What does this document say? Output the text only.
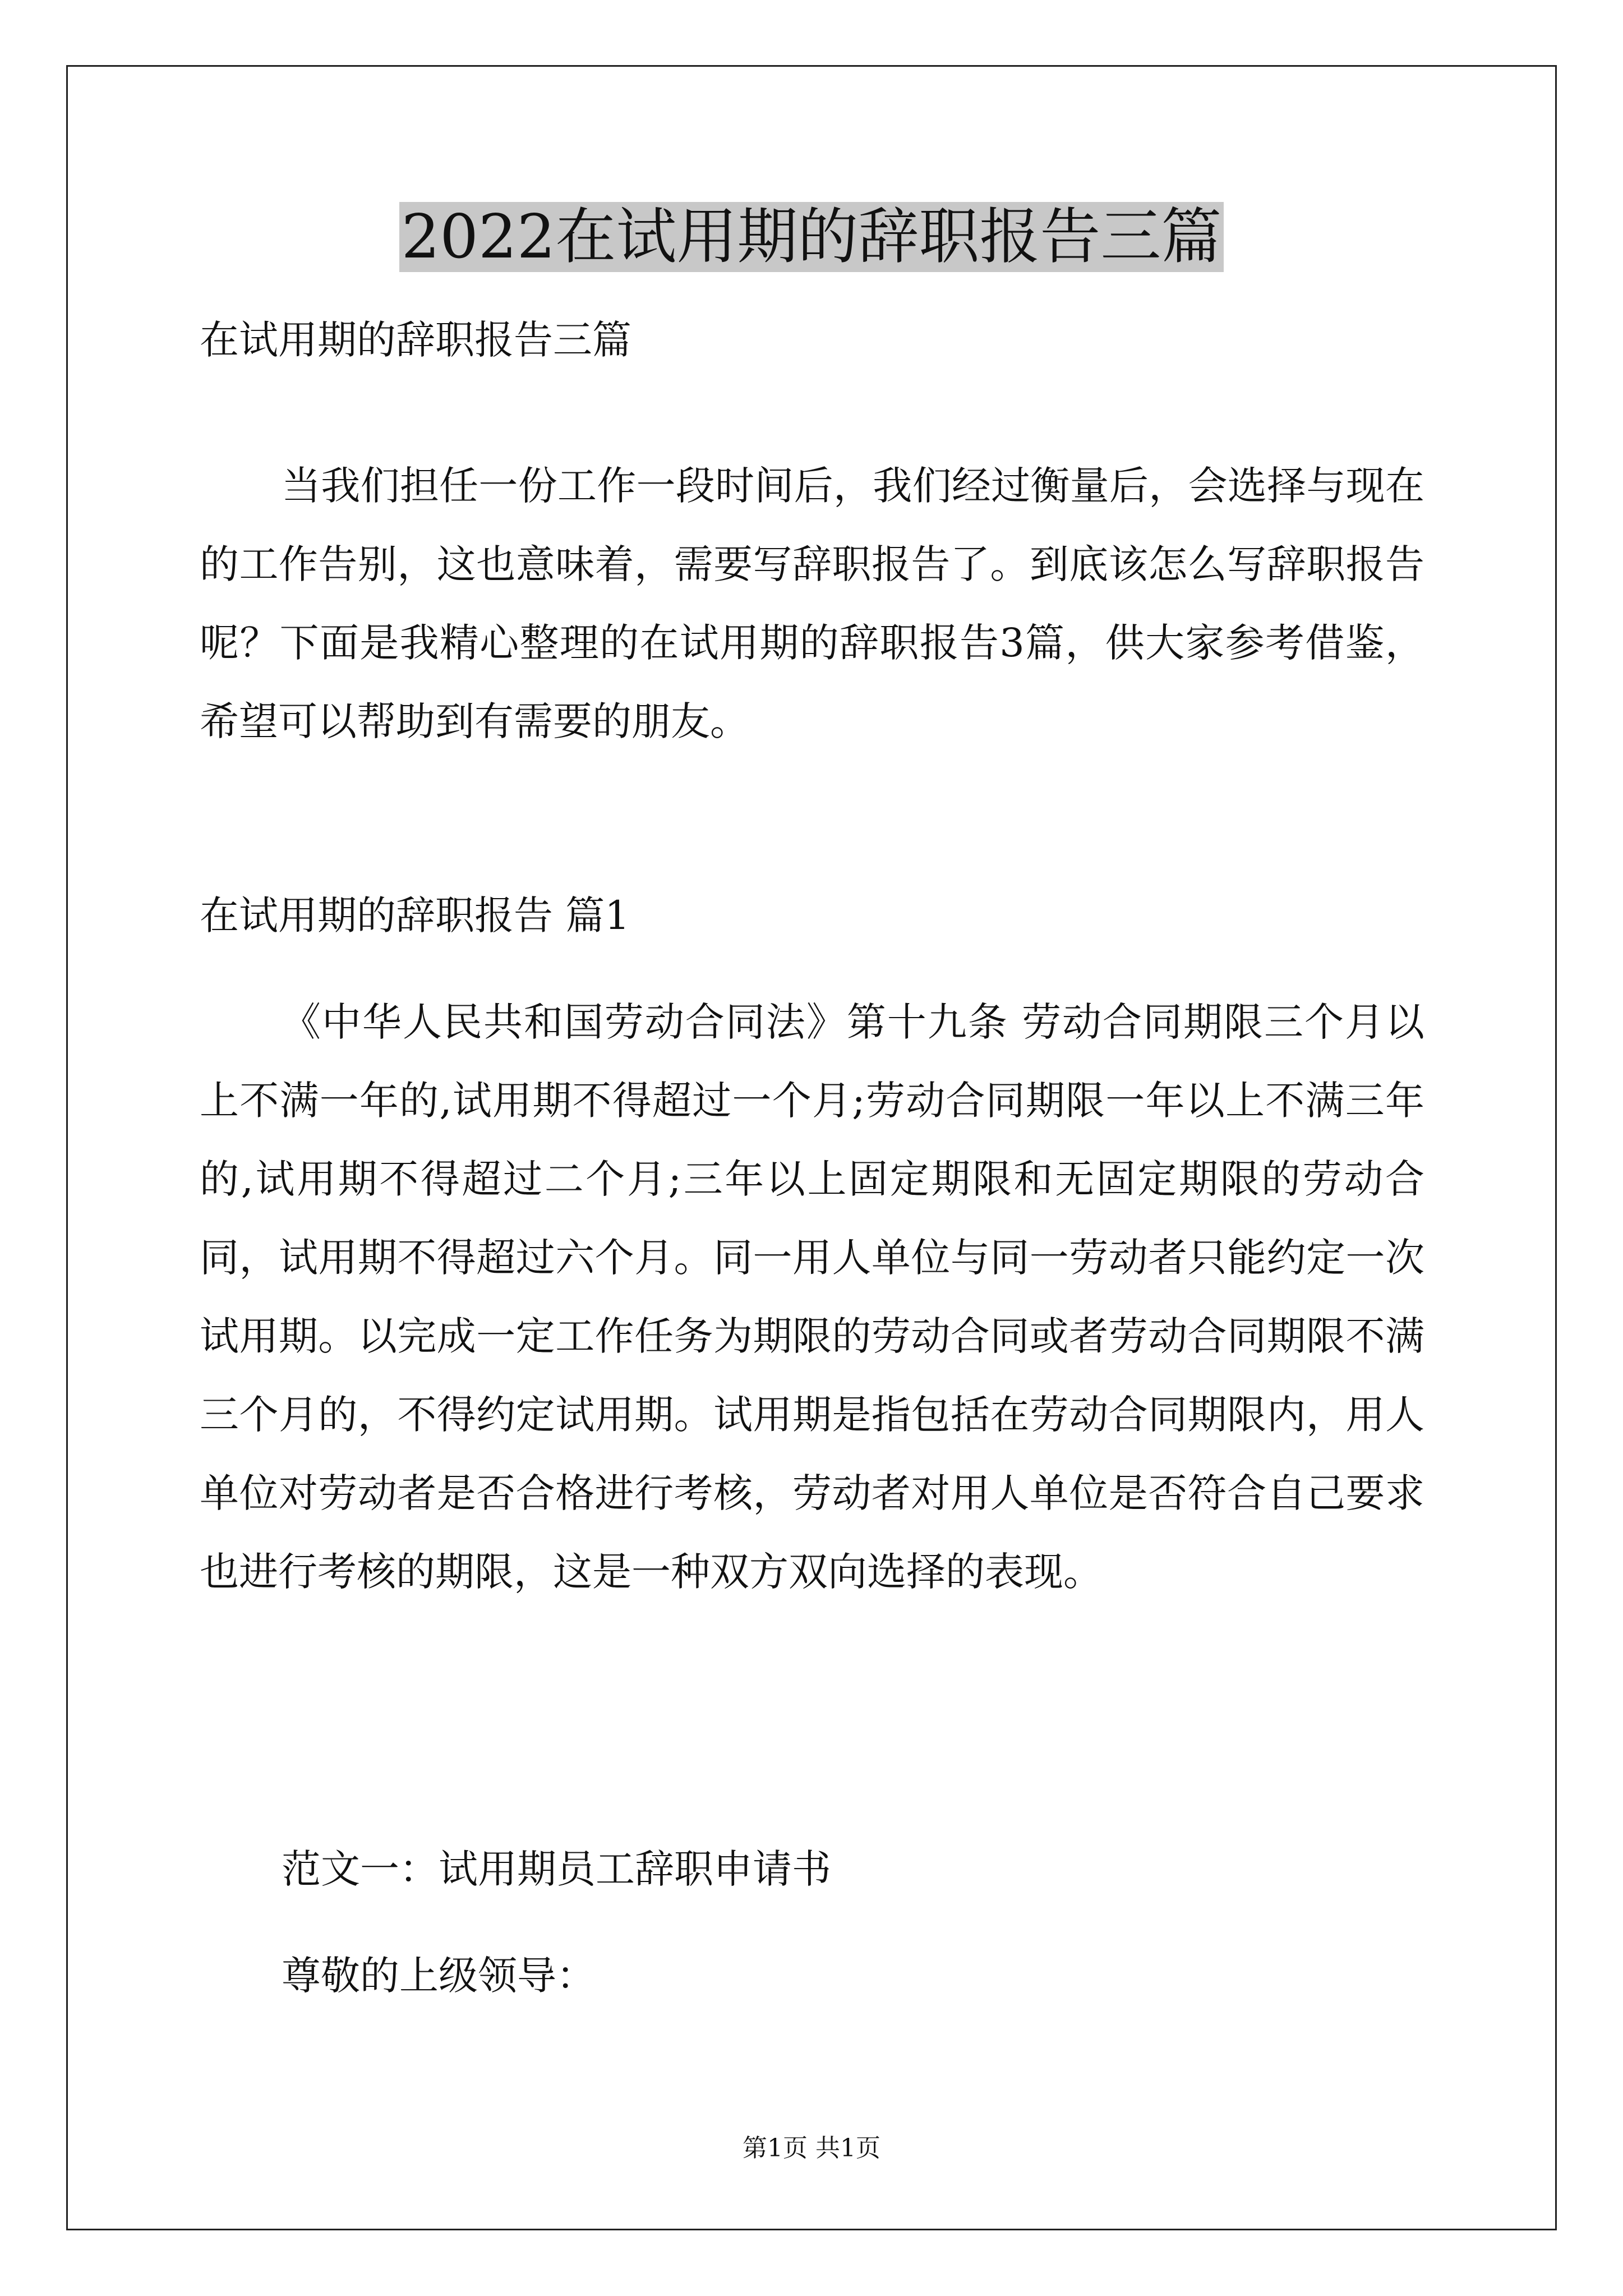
2022在试用期的辞职报告三篇

在试用期的辞职报告三篇

当我们担任一份工作一段时间后，我们经过衡量后，会选择与现在的工作告别，这也意味着，需要写辞职报告了。到底该怎么写辞职报告呢？下面是我精心整理的在试用期的辞职报告3篇，供大家参考借鉴，希望可以帮助到有需要的朋友。

在试用期的辞职报告 篇1

《中华人民共和国劳动合同法》第十九条 劳动合同期限三个月以上不满一年的,试用期不得超过一个月;劳动合同期限一年以上不满三年的,试用期不得超过二个月;三年以上固定期限和无固定期限的劳动合同，试用期不得超过六个月。同一用人单位与同一劳动者只能约定一次试用期。以完成一定工作任务为期限的劳动合同或者劳动合同期限不满三个月的，不得约定试用期。试用期是指包括在劳动合同期限内，用人单位对劳动者是否合格进行考核，劳动者对用人单位是否符合自己要求也进行考核的期限，这是一种双方双向选择的表现。

范文一：试用期员工辞职申请书

尊敬的上级领导：

第1页 共1页
